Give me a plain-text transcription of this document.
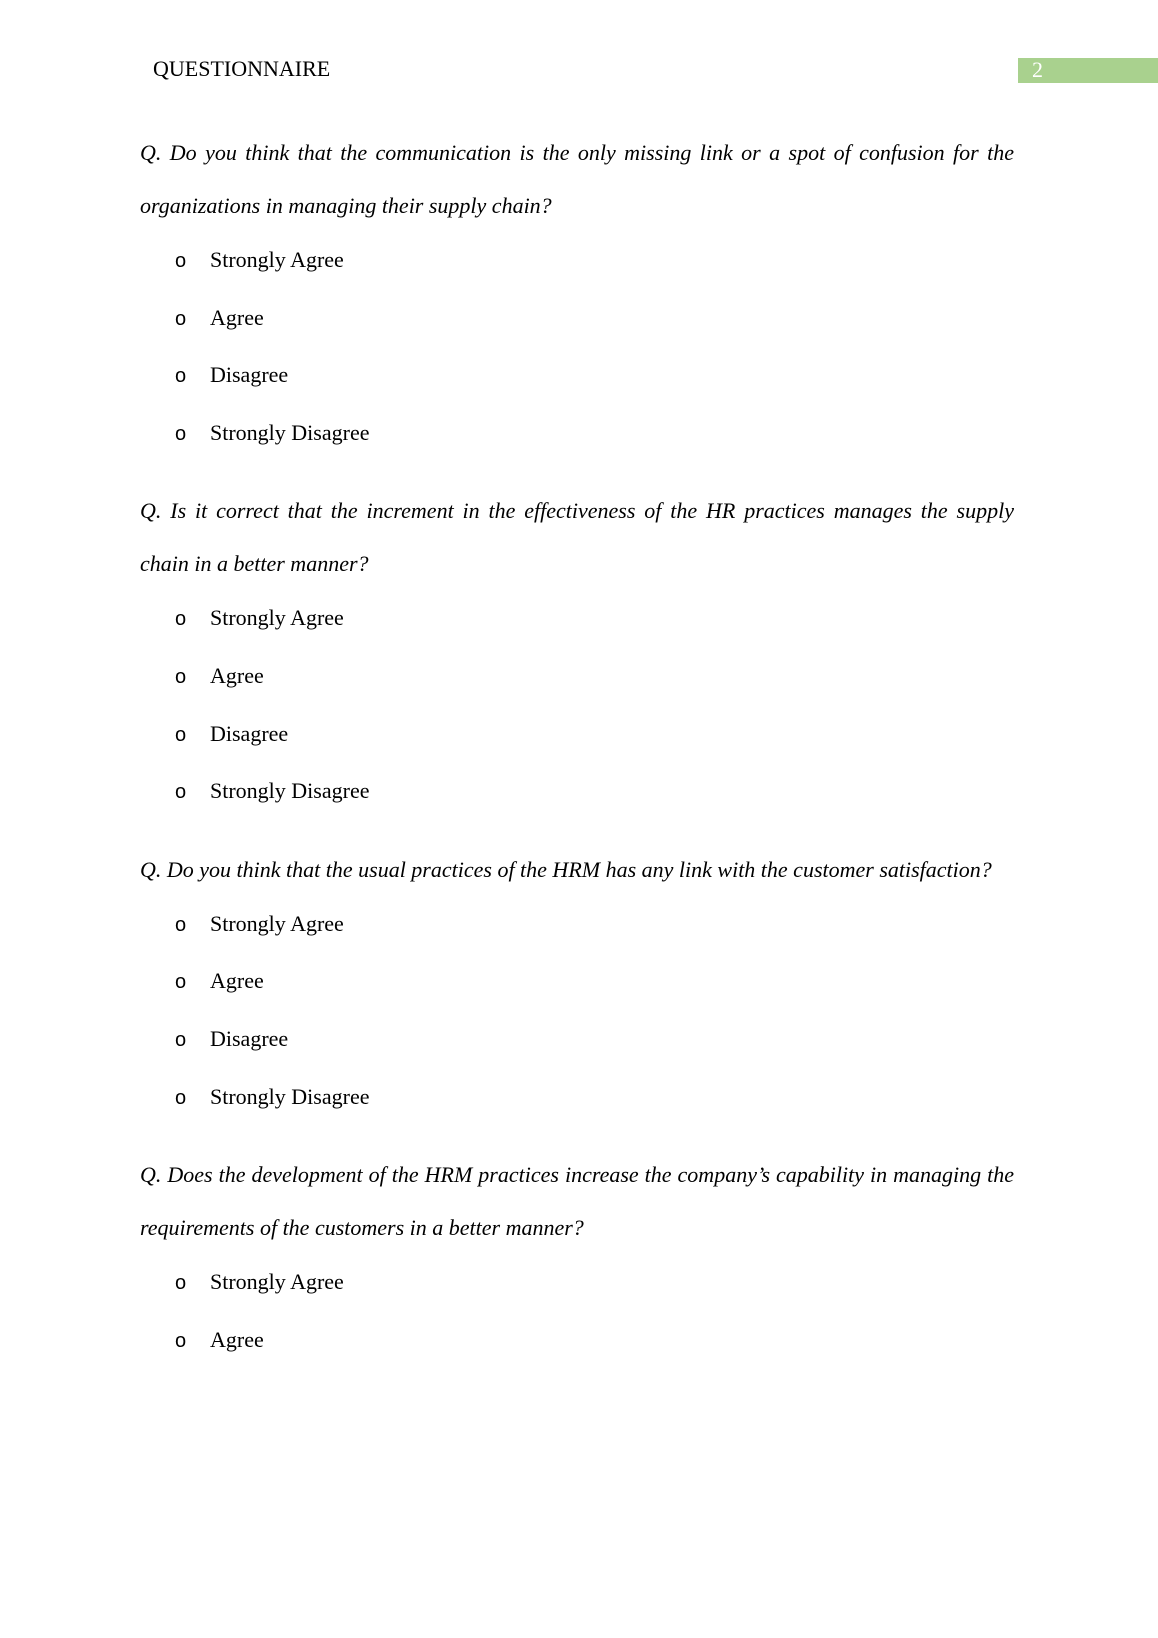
QUESTIONNAIRE	2

Q. Do you think that the communication is the only missing link or a spot of confusion for the organizations in managing their supply chain?

o Strongly Agree
o Agree
o Disagree
o Strongly Disagree

Q. Is it correct that the increment in the effectiveness of the HR practices manages the supply chain in a better manner?

o Strongly Agree
o Agree
o Disagree
o Strongly Disagree

Q. Do you think that the usual practices of the HRM has any link with the customer satisfaction?

o Strongly Agree
o Agree
o Disagree
o Strongly Disagree

Q. Does the development of the HRM practices increase the company’s capability in managing the requirements of the customers in a better manner?

o Strongly Agree
o Agree
